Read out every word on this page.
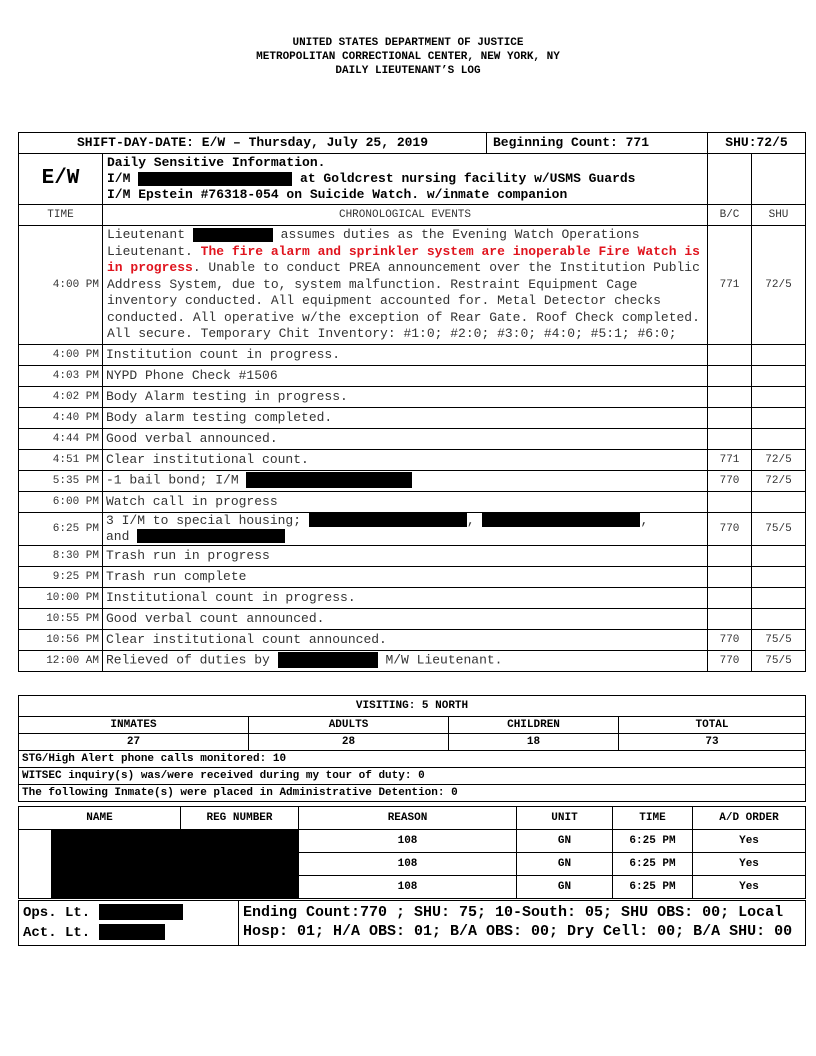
UNITED STATES DEPARTMENT OF JUSTICE
METROPOLITAN CORRECTIONAL CENTER, NEW YORK, NY
DAILY LIEUTENANT’S LOG
SHIFT-DAY-DATE: E/W – Thursday, July 25, 2019 Beginning Count: 771		SHU:72/5	
E/W	Daily Sensitive Information.
I/M at Goldcrest nursing facility w/USMS Guards
I/M Epstein #76318-054 on Suicide Watch. w/inmate companion		

TIME	CHRONOLOGICAL EVENTS	B/C	SHU
4:00 PM	Lieutenant assumes duties as the Evening Watch Operations Lieutenant. The fire alarm and sprinkler system are inoperable Fire Watch is in progress. Unable to conduct PREA announcement over the Institution Public Address System, due to, system malfunction. Restraint Equipment Cage inventory conducted. All equipment accounted for. Metal Detector checks conducted. All operative w/the exception of Rear Gate. Roof Check completed. All secure. Temporary Chit Inventory: #1:0; #2:0; #3:0; #4:0; #5:1; #6:0;	771	72/5
4:00 PM	Institution count in progress.		
4:03 PM	NYPD Phone Check #1506		
4:02 PM	Body Alarm testing in progress.		
4:40 PM	Body alarm testing completed.		
4:44 PM	Good verbal announced.		
4:51 PM	Clear institutional count.	771	72/5
5:35 PM	-1 bail bond; I/M	770	72/5
6:00 PM	Watch call in progress		
6:25 PM	3 I/M to special housing; , ,
and	770	75/5
8:30 PM	Trash run in progress		
9:25 PM	Trash run complete		
10:00 PM	Institutional count in progress.		
10:55 PM	Good verbal count announced.		
10:56 PM	Clear institutional count announced.	770	75/5
12:00 AM	Relieved of duties by M/W Lieutenant.	770	75/5
VISITING: 5 NORTH			
INMATES	ADULTS	CHILDREN	TOTAL
27	28	18	73
STG/High Alert phone calls monitored: 10			
WITSEC inquiry(s) was/were received during my tour of duty: 0			
The following Inmate(s) were placed in Administrative Detention: 0			
NAME	REG NUMBER	REASON	UNIT	TIME	A/D ORDER

		108	GN	6:25 PM	Yes
		108	GN	6:25 PM	Yes
		108	GN	6:25 PM	Yes
Ops. Lt.
Act. Lt.
	Ending Count:770 ; SHU: 75; 10-South: 05; SHU OBS: 00; Local Hosp: 01; H/A OBS: 01; B/A OBS: 00; Dry Cell: 00; B/A SHU: 00
